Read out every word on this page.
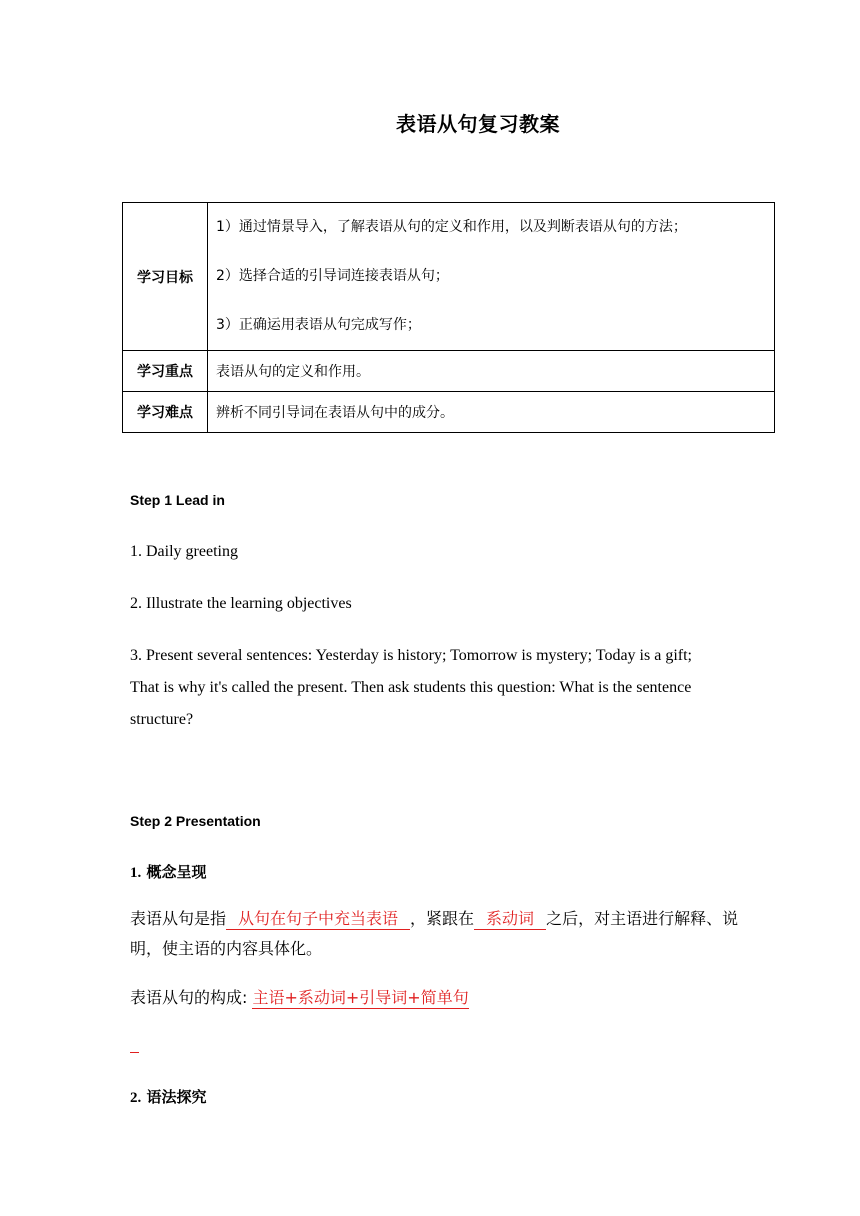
表语从句复习教案
学习目标	1）通过情景导入，了解表语从句的定义和作用，以及判断表语从句的方法；
2）选择合适的引导词连接表语从句；
3）正确运用表语从句完成写作；

学习重点	表语从句的定义和作用。
学习难点	辨析不同引导词在表语从句中的成分。
Step 1 Lead in
1. Daily greeting
2. Illustrate the learning objectives
3. Present several sentences: Yesterday is history; Tomorrow is mystery; Today is a gift; That is why it's called the present. Then ask students this question: What is the sentence structure?
Step 2 Presentation
1. 概念呈现
表语从句是指 从句在句子中充当表语 ，紧跟在 系动词 之后，对主语进行解释、说明，使主语的内容具体化。
表语从句的构成: 主语+系动词+引导词+简单句
2. 语法探究
